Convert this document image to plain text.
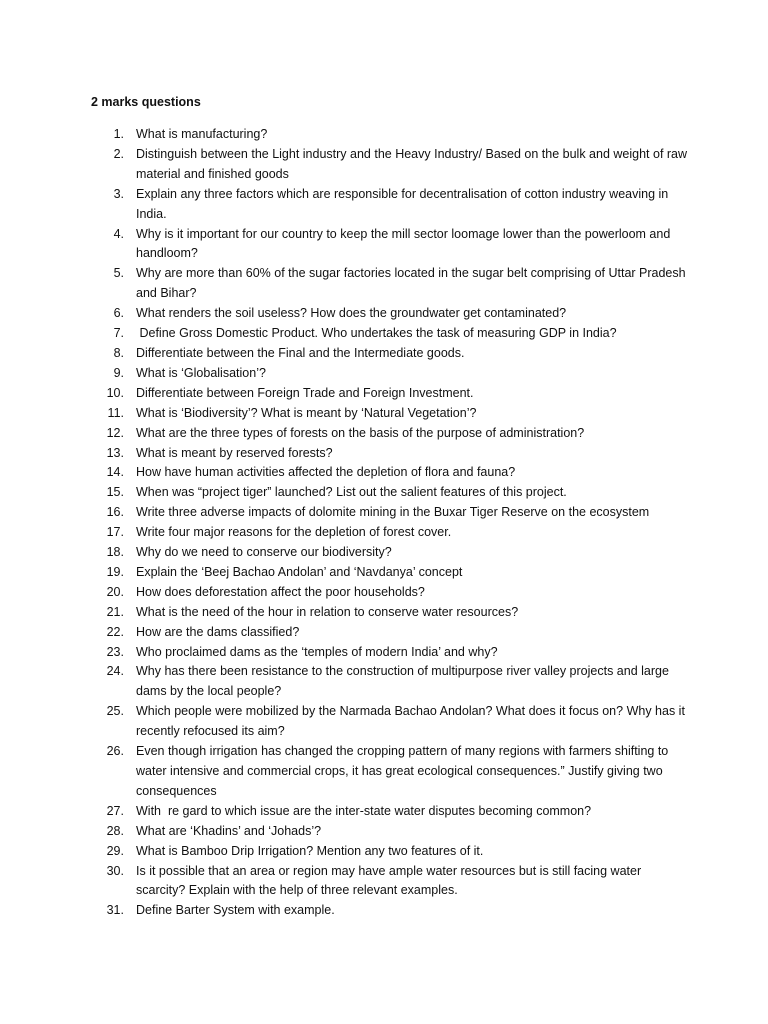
2 marks questions
1. What is manufacturing?
2. Distinguish between the Light industry and the Heavy Industry/ Based on the bulk and weight of raw material and finished goods
3. Explain any three factors which are responsible for decentralisation of cotton industry weaving in India.
4. Why is it important for our country to keep the mill sector loomage lower than the powerloom and handloom?
5. Why are more than 60% of the sugar factories located in the sugar belt comprising of Uttar Pradesh  and Bihar?
6. What renders the soil useless? How does the groundwater get contaminated?
7. Define Gross Domestic Product. Who undertakes the task of measuring GDP in India?
8. Differentiate between the Final and the Intermediate goods.
9. What is ‘Globalisation’?
10. Differentiate between Foreign Trade and Foreign Investment.
11. What is ‘Biodiversity’? What is meant by ‘Natural Vegetation’?
12. What are the three types of forests on the basis of the purpose of administration?
13. What is meant by reserved forests?
14. How have human activities affected the depletion of flora and fauna?
15. When was “project tiger” launched? List out the salient features of this project.
16. Write three adverse impacts of dolomite mining in the Buxar Tiger Reserve on the ecosystem
17. Write four major reasons for the depletion of forest cover.
18. Why do we need to conserve our biodiversity?
19. Explain the ‘Beej Bachao Andolan’ and ‘Navdanya’ concept
20. How does deforestation affect the poor households?
21. What is the need of the hour in relation to conserve water resources?
22. How are the dams classified?
23. Who proclaimed dams as the ‘temples of modern India’ and why?
24. Why has there been resistance to the construction of multipurpose river valley projects and large dams by the local people?
25. Which people were mobilized by the Narmada Bachao Andolan? What does it focus on? Why has it recently refocused its aim?
26. Even though irrigation has changed the cropping pattern of many regions with farmers shifting to water intensive and commercial crops, it has great ecological consequences.” Justify giving two consequences
27. With  re gard to which issue are the inter-state water disputes becoming common?
28. What are ‘Khadins’ and ‘Johads’?
29. What is Bamboo Drip Irrigation? Mention any two features of it.
30. Is it possible that an area or region may have ample water resources but is still facing water scarcity? Explain with the help of three relevant examples.
31. Define Barter System with example.
